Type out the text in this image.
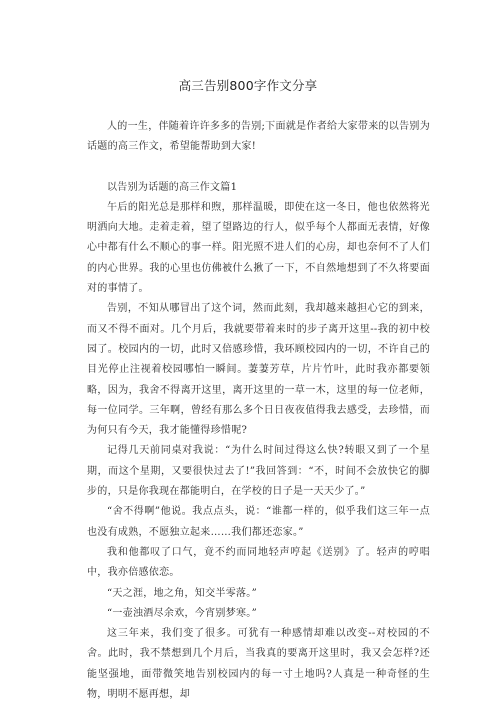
高三告别800字作文分享

人的一生，伴随着许许多多的告别;下面就是作者给大家带来的以告别为话题的高三作文，希望能帮助到大家!

以告别为话题的高三作文篇1

午后的阳光总是那样和煦，那样温暖，即使在这一冬日，他也依然将光明洒向大地。走着走着，望了望路边的行人，似乎每个人都面无表情，好像心中都有什么不顺心的事一样。阳光照不进人们的心房，却也奈何不了人们的内心世界。我的心里也仿佛被什么揪了一下，不自然地想到了不久将要面对的事情了。

告别，不知从哪冒出了这个词，然而此刻，我却越来越担心它的到来，而又不得不面对。几个月后，我就要带着来时的步子离开这里--我的初中校园了。校园内的一切，此时又倍感珍惜，我环顾校园内的一切，不许自己的目光停止注视着校园哪怕一瞬间。萋萋芳草，片片竹叶，此时我亦都要领略，因为，我舍不得离开这里，离开这里的一草一木，这里的每一位老师，每一位同学。三年啊，曾经有那么多个日日夜夜值得我去感受，去珍惜，而为何只有今天，我才能懂得珍惜呢?

记得几天前同桌对我说：“为什么时间过得这么快?转眼又到了一个星期，而这个星期，又要很快过去了!”我回答到：“不，时间不会放快它的脚步的，只是你我现在都能明白，在学校的日子是一天天少了。”

“舍不得啊”他说。我点点头，说：“谁都一样的，似乎我们这三年一点也没有成熟，不愿独立起来……我们都还恋家。”

我和他都叹了口气，竟不约而同地轻声哼起《送别》了。轻声的哼唱中，我亦倍感依恋。

“天之涯，地之角，知交半零落。”

“一壶浊酒尽余欢，今宵别梦寒。”

这三年来，我们变了很多。可犹有一种感情却难以改变--对校园的不舍。此时，我不禁想到几个月后，当我真的要离开这里时，我又会怎样?还能坚强地，面带微笑地告别校园内的每一寸土地吗?人真是一种奇怪的生物，明明不愿再想，却
